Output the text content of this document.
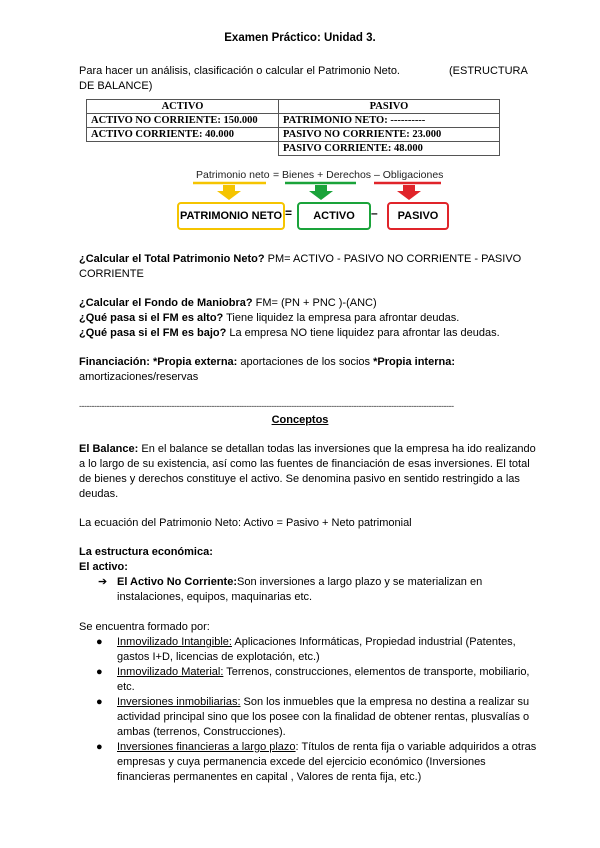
Examen Práctico: Unidad 3.
Para hacer un análisis, clasificación o calcular el Patrimonio Neto.	(ESTRUCTURA
DE BALANCE)
ACTIVO	PASIVO
ACTIVO NO CORRIENTE: 150.000	PATRIMONIO NETO: ----------
ACTIVO CORRIENTE: 40.000	PASIVO NO CORRIENTE: 23.000
	PASIVO CORRIENTE: 48.000
Patrimonio neto = Bienes + Derechos – Obligaciones
PATRIMONIO NETO =	ACTIVO	–	PASIVO
¿Calcular el Total Patrimonio Neto? PM= ACTIVO - PASIVO NO CORRIENTE - PASIVO
CORRIENTE
¿Calcular el Fondo de Maniobra? FM= (PN + PNC )-(ANC)
¿Qué pasa si el FM es alto? Tiene liquidez la empresa para afrontar deudas.
¿Qué pasa si el FM es bajo? La empresa NO tiene liquidez para afrontar las deudas.
Financiación: *Propia externa: aportaciones de los socios *Propia interna:
amortizaciones/reservas
------------------------------------------------------------------------------------------------------------------------------------------------------
Conceptos
El Balance: En el balance se detallan todas las inversiones que la empresa ha ido realizando a lo largo de su existencia, así como las fuentes de financiación de esas inversiones. El total de bienes y derechos constituye el activo. Se denomina pasivo en sentido restringido a las deudas.
La ecuación del Patrimonio Neto: Activo = Pasivo + Neto patrimonial
La estructura económica:
El activo:
➔ El Activo No Corriente:Son inversiones a largo plazo y se materializan en
instalaciones, equipos, maquinarias etc.
Se encuentra formado por:
● Inmovilizado Intangible: Aplicaciones Informáticas, Propiedad industrial (Patentes, gastos I+D, licencias de explotación, etc.)
● Inmovilizado Material: Terrenos, construcciones, elementos de transporte, mobiliario, etc.
● Inversiones inmobiliarias: Son los inmuebles que la empresa no destina a realizar su actividad principal sino que los posee con la finalidad de obtener rentas, plusvalías o ambas (terrenos, Construcciones).
● Inversiones financieras a largo plazo: Títulos de renta fija o variable adquiridos a otras empresas y cuya permanencia excede del ejercicio económico (Inversiones financieras permanentes en capital , Valores de renta fija, etc.)
